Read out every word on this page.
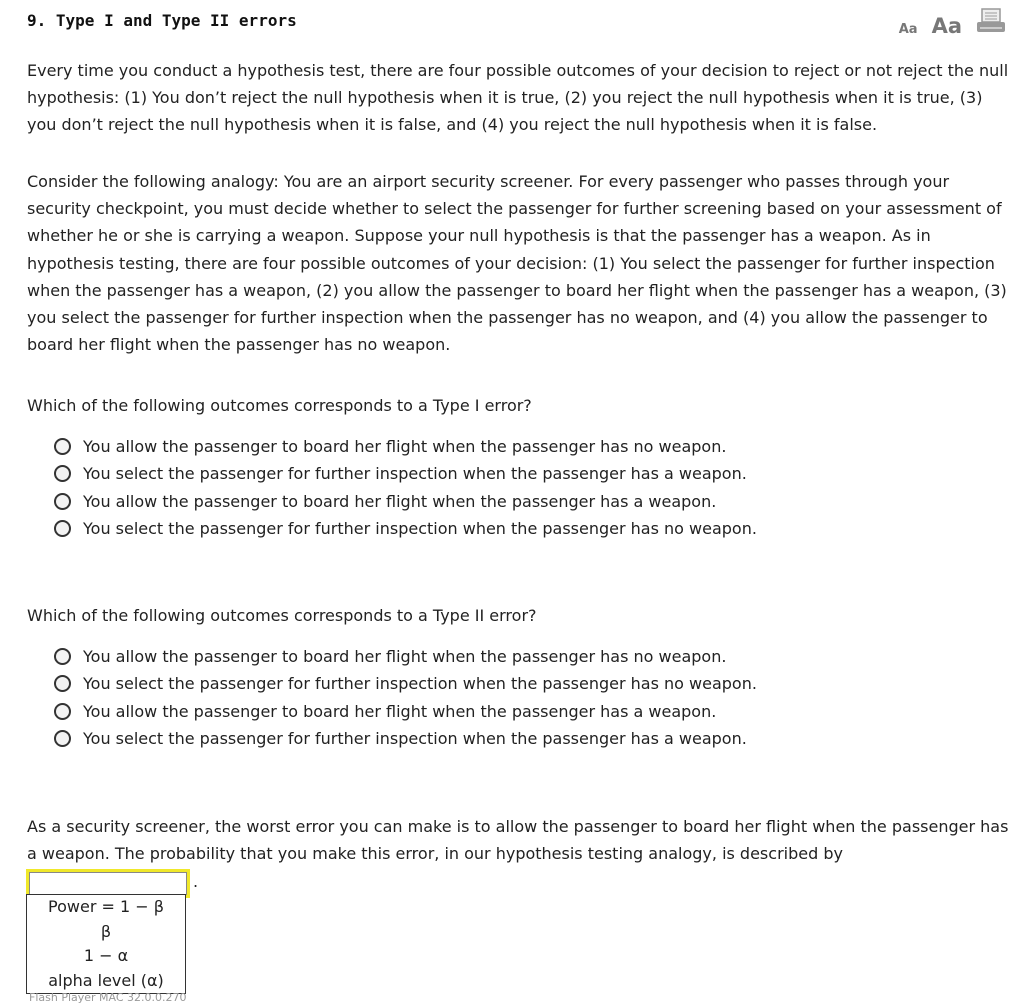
9. Type I and Type II errors	Aa Aa

Every time you conduct a hypothesis test, there are four possible outcomes of your decision to reject or not reject the null hypothesis: (1) You don’t reject the null hypothesis when it is true, (2) you reject the null hypothesis when it is true, (3) you don’t reject the null hypothesis when it is false, and (4) you reject the null hypothesis when it is false.

Consider the following analogy: You are an airport security screener. For every passenger who passes through your security checkpoint, you must decide whether to select the passenger for further screening based on your assessment of whether he or she is carrying a weapon. Suppose your null hypothesis is that the passenger has a weapon. As in hypothesis testing, there are four possible outcomes of your decision: (1) You select the passenger for further inspection when the passenger has a weapon, (2) you allow the passenger to board her flight when the passenger has a weapon, (3) you select the passenger for further inspection when the passenger has no weapon, and (4) you allow the passenger to board her flight when the passenger has no weapon.

Which of the following outcomes corresponds to a Type I error?

You allow the passenger to board her flight when the passenger has no weapon.
You select the passenger for further inspection when the passenger has a weapon.
You allow the passenger to board her flight when the passenger has a weapon.
You select the passenger for further inspection when the passenger has no weapon.

Which of the following outcomes corresponds to a Type II error?

You allow the passenger to board her flight when the passenger has no weapon.
You select the passenger for further inspection when the passenger has no weapon.
You allow the passenger to board her flight when the passenger has a weapon.
You select the passenger for further inspection when the passenger has a weapon.

As a security screener, the worst error you can make is to allow the passenger to board her flight when the passenger has a weapon. The probability that you make this error, in our hypothesis testing analogy, is described by

.
Power = 1 − β
β
1 − α
alpha level (α)
Flash Player MAC 32.0.0.270
